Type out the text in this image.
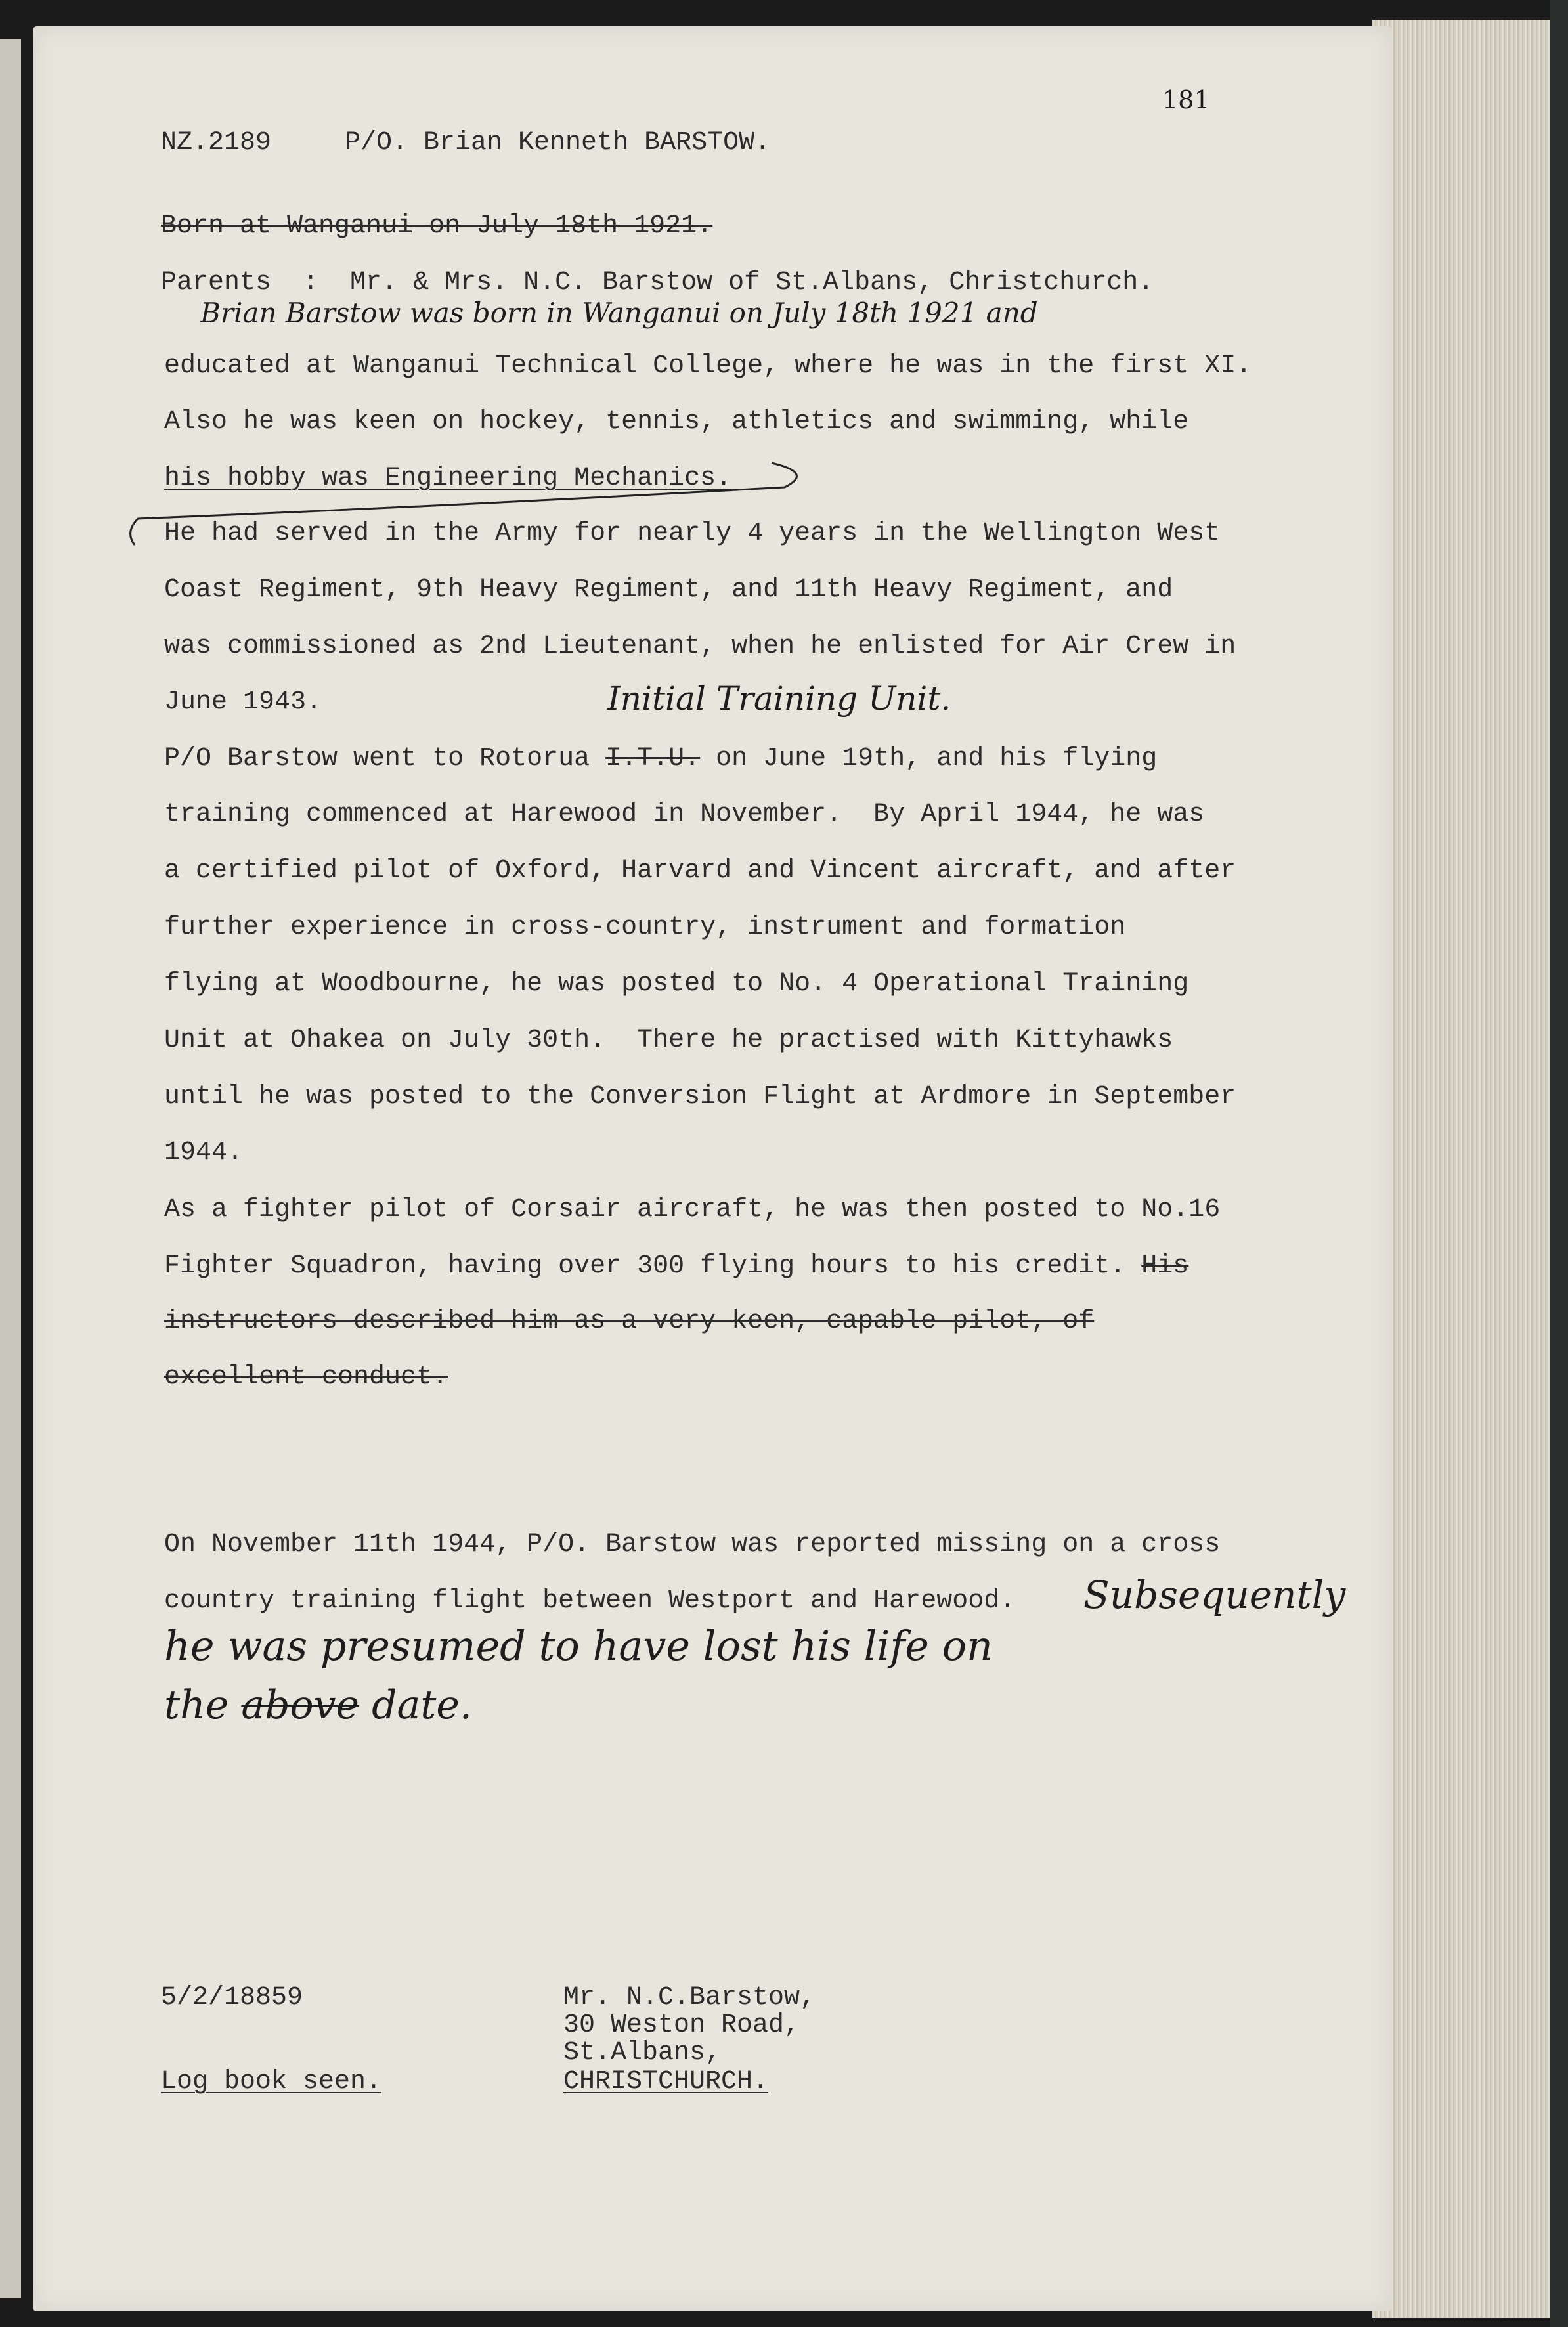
181
NZ.2189	P/O. Brian Kenneth BARSTOW.
Born at Wanganui on July 18th 1921.
Parents  :  Mr. & Mrs. N.C. Barstow of St.Albans, Christchurch.
Brian Barstow was born in Wanganui on July 18th 1921 and
educated at Wanganui Technical College, where he was in the first XI.
Also he was keen on hockey, tennis, athletics and swimming, while
his hobby was Engineering Mechanics.
He had served in the Army for nearly 4 years in the Wellington West
Coast Regiment, 9th Heavy Regiment, and 11th Heavy Regiment, and
was commissioned as 2nd Lieutenant, when he enlisted for Air Crew in
June 1943.	Initial Training Unit.
P/O Barstow went to Rotorua I.T.U. on June 19th, and his flying
training commenced at Harewood in November.  By April 1944, he was
a certified pilot of Oxford, Harvard and Vincent aircraft, and after
further experience in cross-country, instrument and formation
flying at Woodbourne, he was posted to No. 4 Operational Training
Unit at Ohakea on July 30th.  There he practised with Kittyhawks
until he was posted to the Conversion Flight at Ardmore in September
1944.
As a fighter pilot of Corsair aircraft, he was then posted to No.16
Fighter Squadron, having over 300 flying hours to his credit. His
instructors described him as a very keen, capable pilot, of
excellent conduct.
On November 11th 1944, P/O. Barstow was reported missing on a cross
country training flight between Westport and Harewood. Subsequently
he was presumed to have lost his life on
the above date.
5/2/18859
Log book seen.
Mr. N.C.Barstow,
30 Weston Road,
St.Albans,
CHRISTCHURCH.
